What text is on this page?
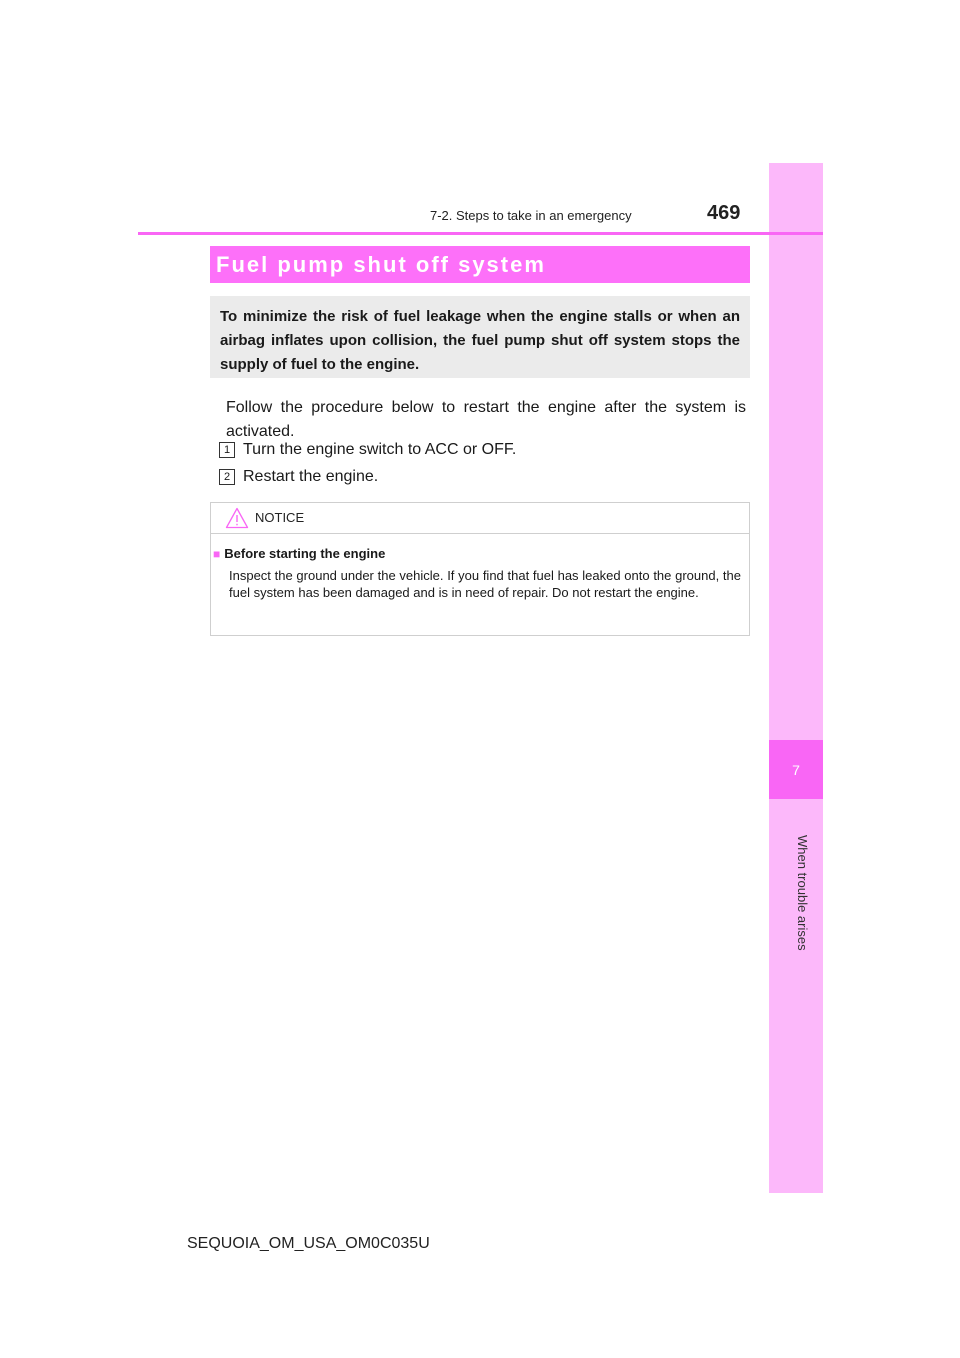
7
When trouble arises
7-2. Steps to take in an emergency	469
Fuel pump shut off system
To minimize the risk of fuel leakage when the engine stalls or when an airbag inflates upon collision, the fuel pump shut off system stops the supply of fuel to the engine.
Follow the procedure below to restart the engine after the system is activated.
1 Turn the engine switch to ACC or OFF.
2 Restart the engine.
NOTICE
■ Before starting the engine
Inspect the ground under the vehicle. If you find that fuel has leaked onto the ground, the fuel system has been damaged and is in need of repair. Do not restart the engine.
SEQUOIA_OM_USA_OM0C035U
